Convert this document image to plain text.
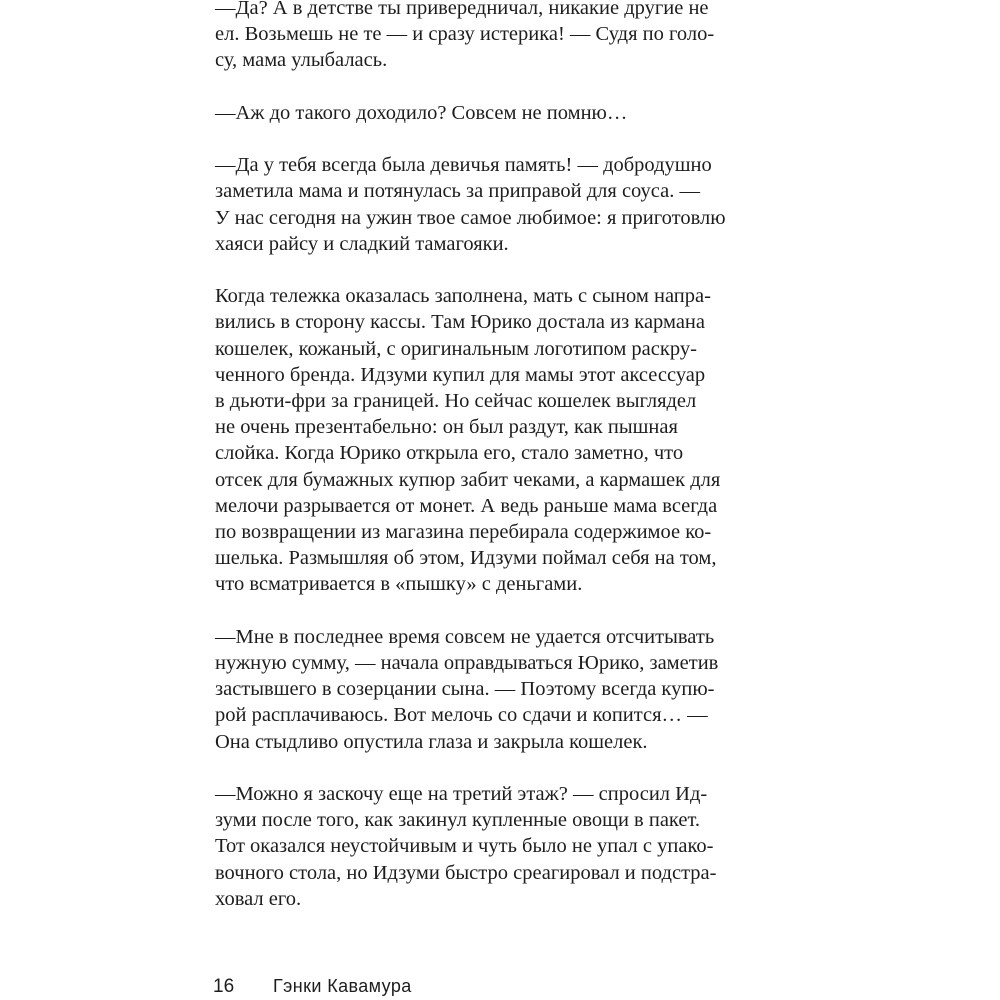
—Да? А в детстве ты привередничал, никакие другие не
ел. Возьмешь не те — и сразу истерика! — Судя по голо-
су, мама улыбалась.

—Аж до такого доходило? Совсем не помню…

—Да у тебя всегда была девичья память! — добродушно
заметила мама и потянулась за приправой для соуса. —
У нас сегодня на ужин твое самое любимое: я приготовлю
хаяси райсу и сладкий тамагояки.

Когда тележка оказалась заполнена, мать с сыном напра-
вились в сторону кассы. Там Юрико достала из кармана
кошелек, кожаный, с оригинальным логотипом раскру-
ченного бренда. Идзуми купил для мамы этот аксессуар
в дьюти-фри за границей. Но сейчас кошелек выглядел
не очень презентабельно: он был раздут, как пышная
слойка. Когда Юрико открыла его, стало заметно, что
отсек для бумажных купюр забит чеками, а кармашек для
мелочи разрывается от монет. А ведь раньше мама всегда
по возвращении из магазина перебирала содержимое ко-
шелька. Размышляя об этом, Идзуми поймал себя на том,
что всматривается в «пышку» с деньгами.

—Мне в последнее время совсем не удается отсчитывать
нужную сумму, — начала оправдываться Юрико, заметив
застывшего в созерцании сына. — Поэтому всегда купю-
рой расплачиваюсь. Вот мелочь со сдачи и копится… —
Она стыдливо опустила глаза и закрыла кошелек.

—Можно я заскочу еще на третий этаж? — спросил Ид-
зуми после того, как закинул купленные овощи в пакет.
Тот оказался неустойчивым и чуть было не упал с упако-
вочного стола, но Идзуми быстро среагировал и подстра-
ховал его.

16 Гэнки Кавамура
